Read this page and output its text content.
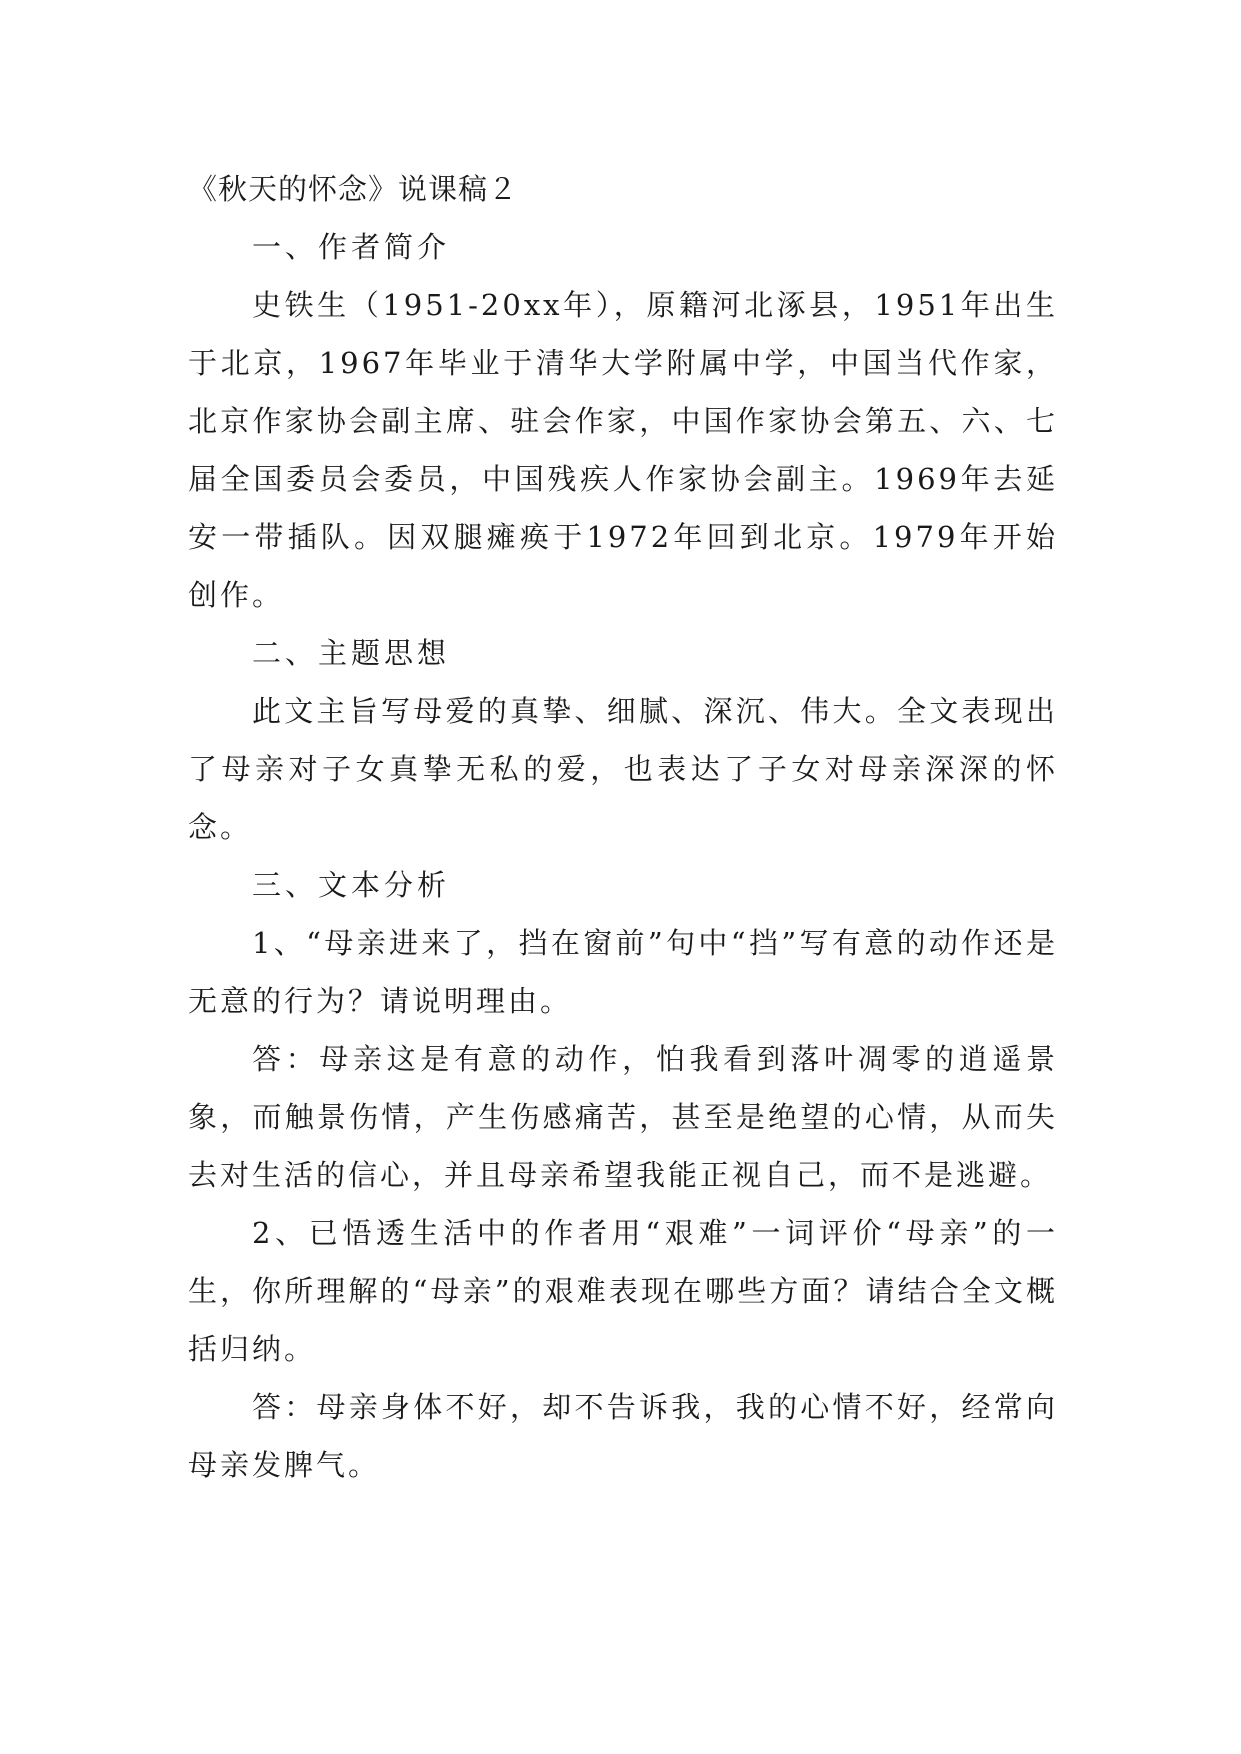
《秋天的怀念》说课稿２

一、作者简介

史铁生（1951-20xx年），原籍河北涿县，1951年出生于北京，1967年毕业于清华大学附属中学，中国当代作家，北京作家协会副主席、驻会作家，中国作家协会第五、六、七届全国委员会委员，中国残疾人作家协会副主。1969年去延安一带插队。因双腿瘫痪于1972年回到北京。1979年开始创作。

二、主题思想

此文主旨写母爱的真挚、细腻、深沉、伟大。全文表现出了母亲对子女真挚无私的爱，也表达了子女对母亲深深的怀念。

三、文本分析

1、“母亲进来了，挡在窗前”句中“挡”写有意的动作还是无意的行为？请说明理由。

答：母亲这是有意的动作，怕我看到落叶凋零的逍遥景象，而触景伤情，产生伤感痛苦，甚至是绝望的心情，从而失去对生活的信心，并且母亲希望我能正视自己，而不是逃避。

2、已悟透生活中的作者用“艰难”一词评价“母亲”的一生，你所理解的“母亲”的艰难表现在哪些方面？请结合全文概括归纳。

答：母亲身体不好，却不告诉我，我的心情不好，经常向母亲发脾气。
